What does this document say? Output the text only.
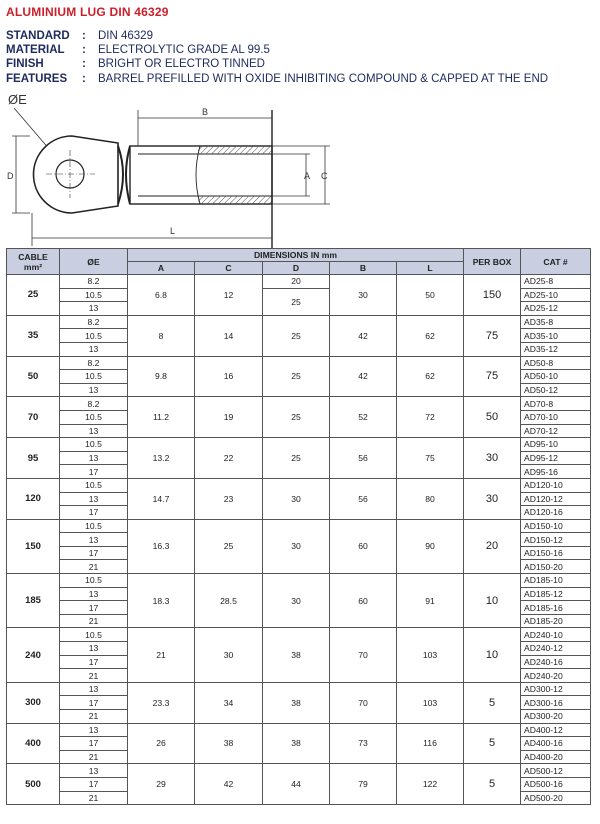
ALUMINIUM LUG DIN 46329
STANDARD	:	DIN 46329
MATERIAL	:	ELECTROLYTIC GRADE AL 99.5
FINISH	:	BRIGHT OR ELECTRO TINNED
FEATURES	:	BARREL PREFILLED WITH OXIDE INHIBITING COMPOUND & CAPPED AT THE END
ØE
D
B
A C
L
CABLE
mm²	ØE	DIMENSIONS IN mm					PER BOX	CAT #
		A	C	D	B	L		
25	8.2	6.8	12	20	30	50	150	AD25-8
	10.5			25				AD25-10
	13							AD25-12
35	8.2	8	14	25	42	62	75	AD35-8
	10.5							AD35-10
	13							AD35-12
50	8.2	9.8	16	25	42	62	75	AD50-8
	10.5							AD50-10
	13							AD50-12
70	8.2	11.2	19	25	52	72	50	AD70-8
	10.5							AD70-10
	13							AD70-12
95	10.5	13.2	22	25	56	75	30	AD95-10
	13							AD95-12
	17							AD95-16
120	10.5	14.7	23	30	56	80	30	AD120-10
	13							AD120-12
	17							AD120-16
150	10.5	16.3	25	30	60	90	20	AD150-10
	13							AD150-12
	17							AD150-16
	21							AD150-20
185	10.5	18.3	28.5	30	60	91	10	AD185-10
	13							AD185-12
	17							AD185-16
	21							AD185-20
240	10.5	21	30	38	70	103	10	AD240-10
	13							AD240-12
	17							AD240-16
	21							AD240-20
300	13	23.3	34	38	70	103	5	AD300-12
	17							AD300-16
	21							AD300-20
400	13	26	38	38	73	116	5	AD400-12
	17							AD400-16
	21							AD400-20
500	13	29	42	44	79	122	5	AD500-12
	17							AD500-16
	21							AD500-20
